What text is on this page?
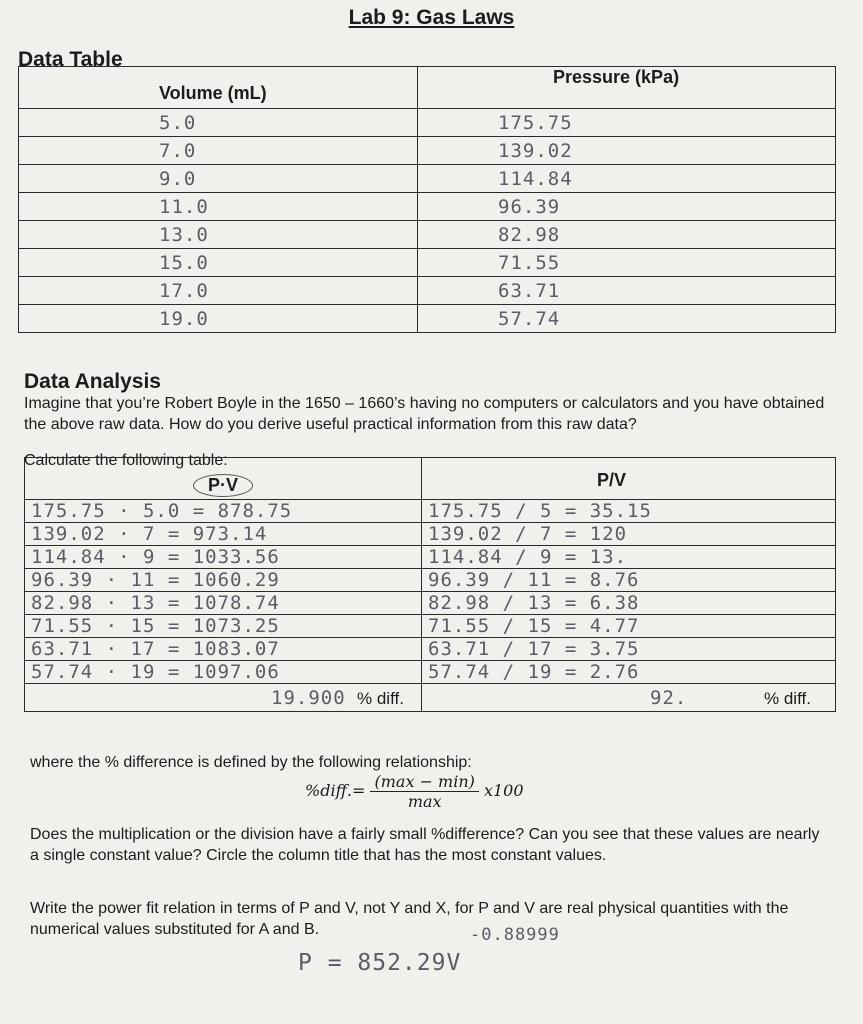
Lab 9: Gas Laws
Data Table
Volume (mL)	Pressure (kPa)

5.0	175.75
7.0	139.02
9.0	114.84
11.0	96.39
13.0	82.98
15.0	71.55
17.0	63.71
19.0	57.74
Data Analysis
Imagine that you’re Robert Boyle in the 1650 – 1660’s having no computers or calculators and you have obtained the above raw data. How do you derive useful practical information from this raw data?
Calculate the following table:
P·V	P/V

175.75 · 5.0 = 878.75	175.75 / 5 = 35.15
139.02 · 7 = 973.14	139.02 / 7 = 120
114.84 · 9 = 1033.56	114.84 / 9 = 13.
96.39 · 11 = 1060.29	96.39 / 11 = 8.76
82.98 · 13 = 1078.74	82.98 / 13 = 6.38
71.55 · 15 = 1073.25	71.55 / 15 = 4.77
63.71 · 17 = 1083.07	63.71 / 17 = 3.75
57.74 · 19 = 1097.06	57.74 / 19 = 2.76

19.900 % diff.	92. % diff.
where the % difference is defined by the following relationship:
%diff.= $\frac{(\max - \min)}{\max} x100$
Does the multiplication or the division have a fairly small %difference? Can you see that these values are nearly a single constant value? Circle the column title that has the most constant values.
Write the power fit relation in terms of P and V, not Y and X, for P and V are real physical quantities with the numerical values substituted for A and B.	-0.88999
P = 852.29V
